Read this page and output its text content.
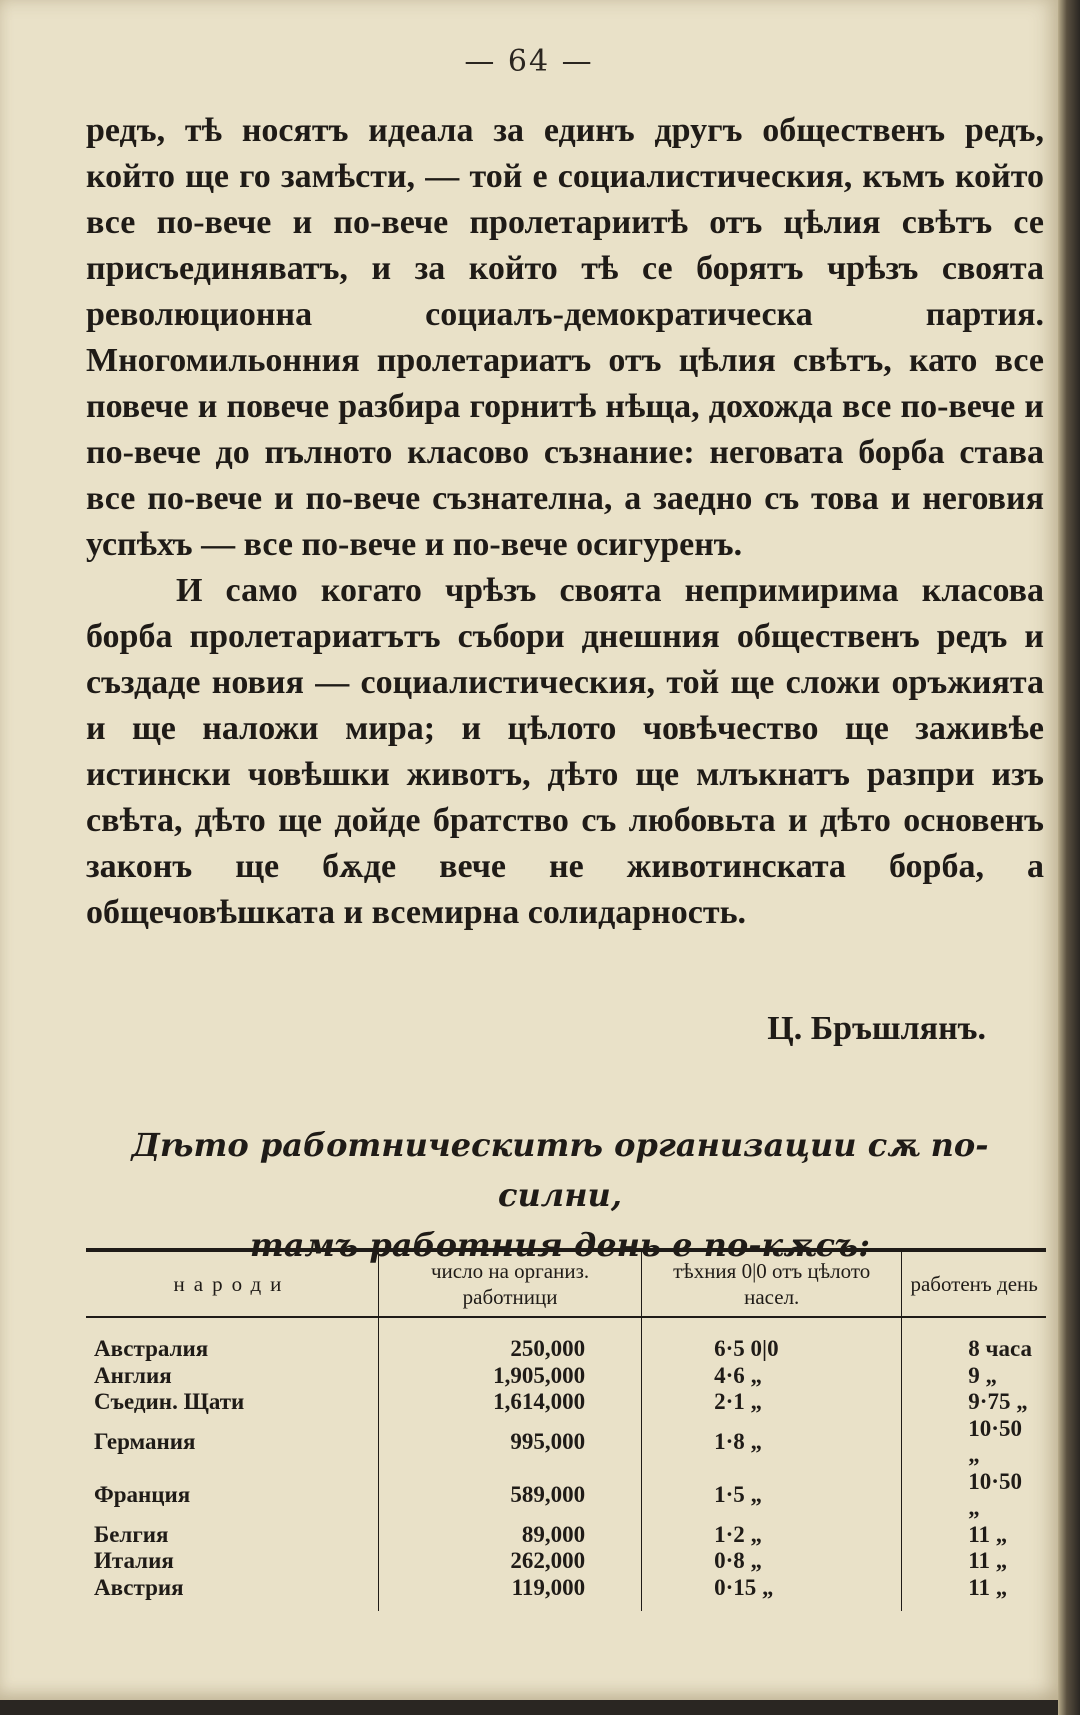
— 64 —

редъ, тѣ носятъ идеала за единъ другъ общественъ редъ, който ще го замѣсти, — той е социалистическия, къмъ който все по-вече и по-вече пролетариитѣ отъ цѣлия свѣтъ се присъединяватъ, и за който тѣ се борятъ чрѣзъ своята революционна социалъ-демократическа партия. Многомильонния пролетариатъ отъ цѣлия свѣтъ, като все повече и повече разбира горнитѣ нѣща, дохожда все по-вече и по-вече до пълното класово съзнание: неговата борба става все по-вече и по-вече съзнателна, а заедно съ това и неговия успѣхъ — все по-вече и по-вече осигуренъ.

И само когато чрѣзъ своята непримирима класова борба пролетариатътъ събори днешния общественъ редъ и създаде новия — социалистическия, той ще сложи оръжията и ще наложи мира; и цѣлото човѣчество ще заживѣе истински човѣшки животъ, дѣто ще млъкнатъ разпри изъ свѣта, дѣто ще дойде братство съ любовьта и дѣто основенъ законъ ще бѫде вече не животинската борба, а общечовѣшката и всемирна солидарность.

Ц. Бръшлянъ.
Дѣто работническитѣ организации сѫ по-силни,
тамъ работния день е по-кѫсъ:
народи	число на организ. работници	тѣхния 0|0 отъ цѣлото насел.	работенъ день

Австралия	250,000	6·5 0|0	8 часа
Англия	1,905,000	4·6 „	9 „
Съедин. Щати	1,614,000	2·1 „	9·75 „
Германия	995,000	1·8 „	10·50 „
Франция	589,000	1·5 „	10·50 „
Белгия	89,000	1·2 „	11 „
Италия	262,000	0·8 „	11 „
Австрия	119,000	0·15 „	11 „
